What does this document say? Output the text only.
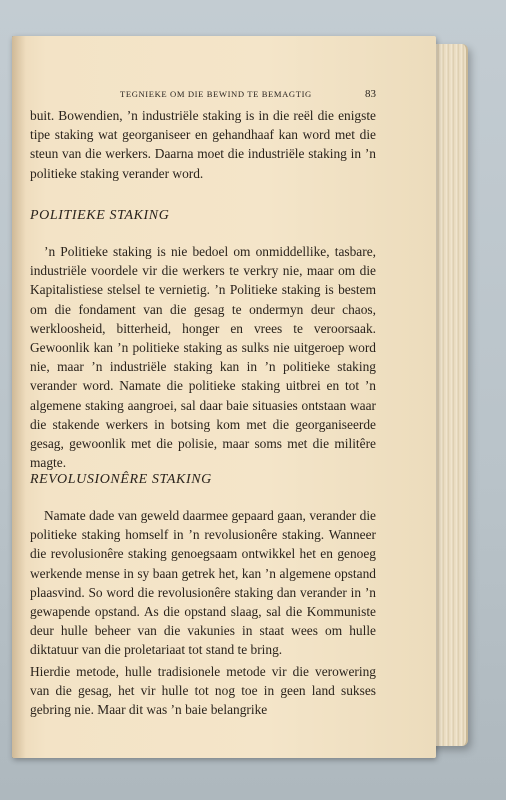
TEGNIEKE OM DIE BEWIND TE BEMAGTIG	83

buit. Bowendien, ’n industriële staking is in die reël die enigste tipe staking wat georganiseer en gehandhaaf kan word met die steun van die werkers. Daarna moet die industriële staking in ’n politieke staking verander word.

POLITIEKE STAKING

’n Politieke staking is nie bedoel om onmiddellike, tasbare, industriële voordele vir die werkers te verkry nie, maar om die Kapitalistiese stelsel te vernietig. ’n Politieke staking is bestem om die fondament van die gesag te ondermyn deur chaos, werkloosheid, bitterheid, honger en vrees te veroorsaak. Gewoonlik kan ’n politieke staking as sulks nie uitgeroep word nie, maar ’n industriële staking kan in ’n politieke staking verander word. Namate die politieke staking uitbrei en tot ’n algemene staking aangroei, sal daar baie situasies ontstaan waar die stakende werkers in botsing kom met die georganiseerde gesag, gewoonlik met die polisie, maar soms met die militêre magte.

REVOLUSIONÊRE STAKING

Namate dade van geweld daarmee gepaard gaan, verander die politieke staking homself in ’n revolusionêre staking. Wanneer die revolusionêre staking genoegsaam ontwikkel het en genoeg werkende mense in sy baan getrek het, kan ’n algemene opstand plaasvind. So word die revolusionêre staking dan verander in ’n gewapende opstand. As die opstand slaag, sal die Kommuniste deur hulle beheer van die vakunies in staat wees om hulle diktatuur van die proletariaat tot stand te bring.

Hierdie metode, hulle tradisionele metode vir die verowering van die gesag, het vir hulle tot nog toe in geen land sukses gebring nie. Maar dit was ’n baie belangrike
